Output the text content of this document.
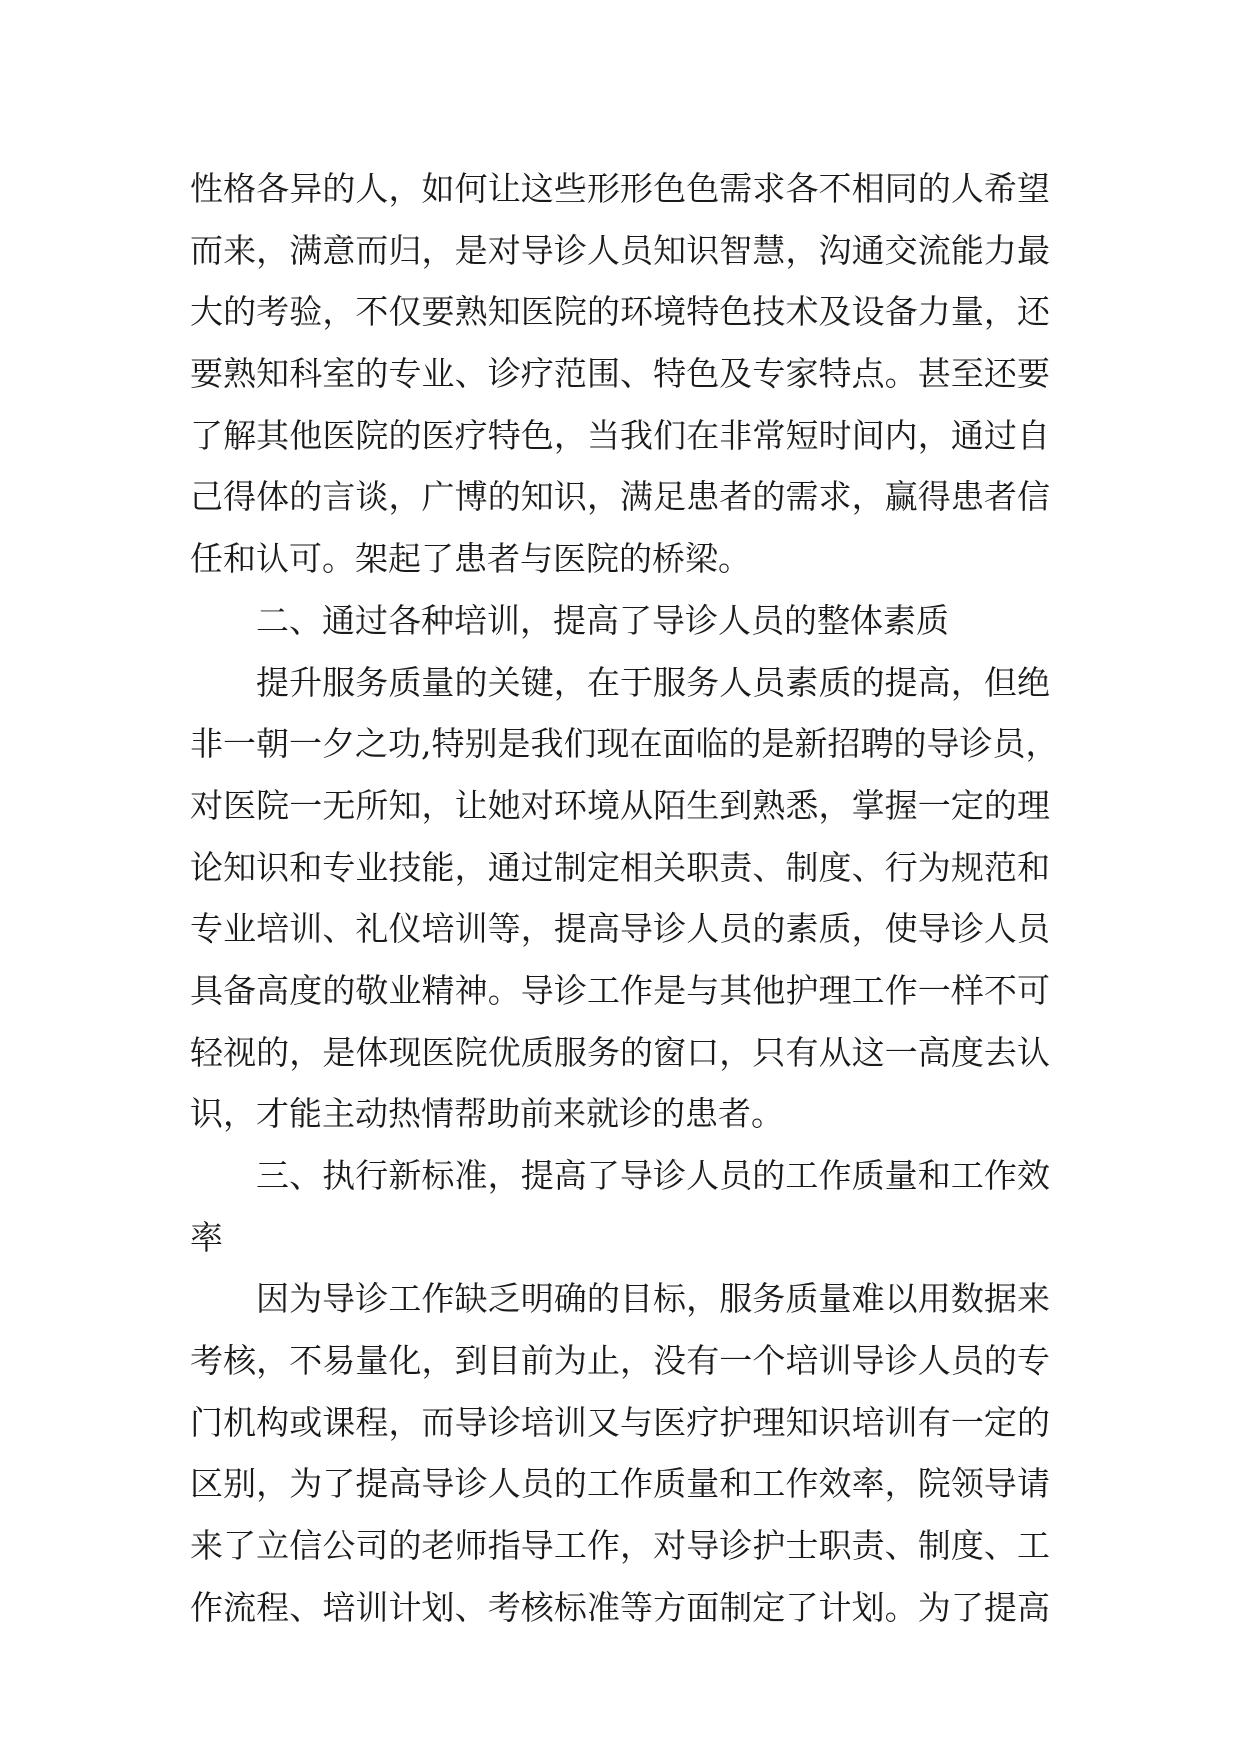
性格各异的人，如何让这些形形色色需求各不相同的人希望
而来，满意而归，是对导诊人员知识智慧，沟通交流能力最
大的考验，不仅要熟知医院的环境特色技术及设备力量，还
要熟知科室的专业、诊疗范围、特色及专家特点。甚至还要
了解其他医院的医疗特色，当我们在非常短时间内，通过自
己得体的言谈，广博的知识，满足患者的需求，赢得患者信
任和认可。架起了患者与医院的桥梁。
二、通过各种培训，提高了导诊人员的整体素质
提升服务质量的关键，在于服务人员素质的提高，但绝
非一朝一夕之功,特别是我们现在面临的是新招聘的导诊员，
对医院一无所知，让她对环境从陌生到熟悉，掌握一定的理
论知识和专业技能，通过制定相关职责、制度、行为规范和
专业培训、礼仪培训等，提高导诊人员的素质，使导诊人员
具备高度的敬业精神。导诊工作是与其他护理工作一样不可
轻视的，是体现医院优质服务的窗口，只有从这一高度去认
识，才能主动热情帮助前来就诊的患者。
三、执行新标准，提高了导诊人员的工作质量和工作效
率
因为导诊工作缺乏明确的目标，服务质量难以用数据来
考核，不易量化，到目前为止，没有一个培训导诊人员的专
门机构或课程，而导诊培训又与医疗护理知识培训有一定的
区别，为了提高导诊人员的工作质量和工作效率，院领导请
来了立信公司的老师指导工作，对导诊护士职责、制度、工
作流程、培训计划、考核标准等方面制定了计划。为了提高
